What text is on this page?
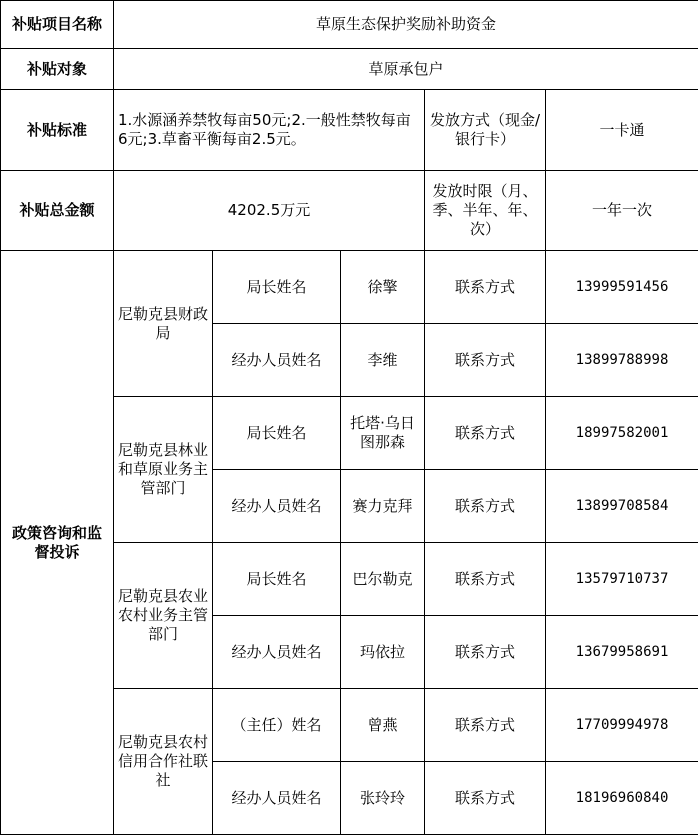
补贴项目名称	草原生态保护奖励补助资金				
补贴对象	草原承包户				
补贴标准	1.水源涵养禁牧每亩50元;2.一般性禁牧每亩6元;3.草畜平衡每亩2.5元。			发放方式（现金/银行卡）	一卡通
补贴总金额	4202.5万元			发放时限（月、季、半年、年、次）	一年一次
政策咨询和监督投诉	尼勒克县财政局	局长姓名	徐擎	联系方式	13999591456
		经办人员姓名	李维	联系方式	13899788998
	尼勒克县林业和草原业务主管部门	局长姓名	托塔·乌日图那森	联系方式	18997582001
		经办人员姓名	赛力克拜	联系方式	13899708584
	尼勒克县农业农村业务主管部门	局长姓名	巴尔勒克	联系方式	13579710737
		经办人员姓名	玛依拉	联系方式	13679958691
	尼勒克县农村信用合作社联社	（主任）姓名	曾燕	联系方式	17709994978
		经办人员姓名	张玲玲	联系方式	18196960840
